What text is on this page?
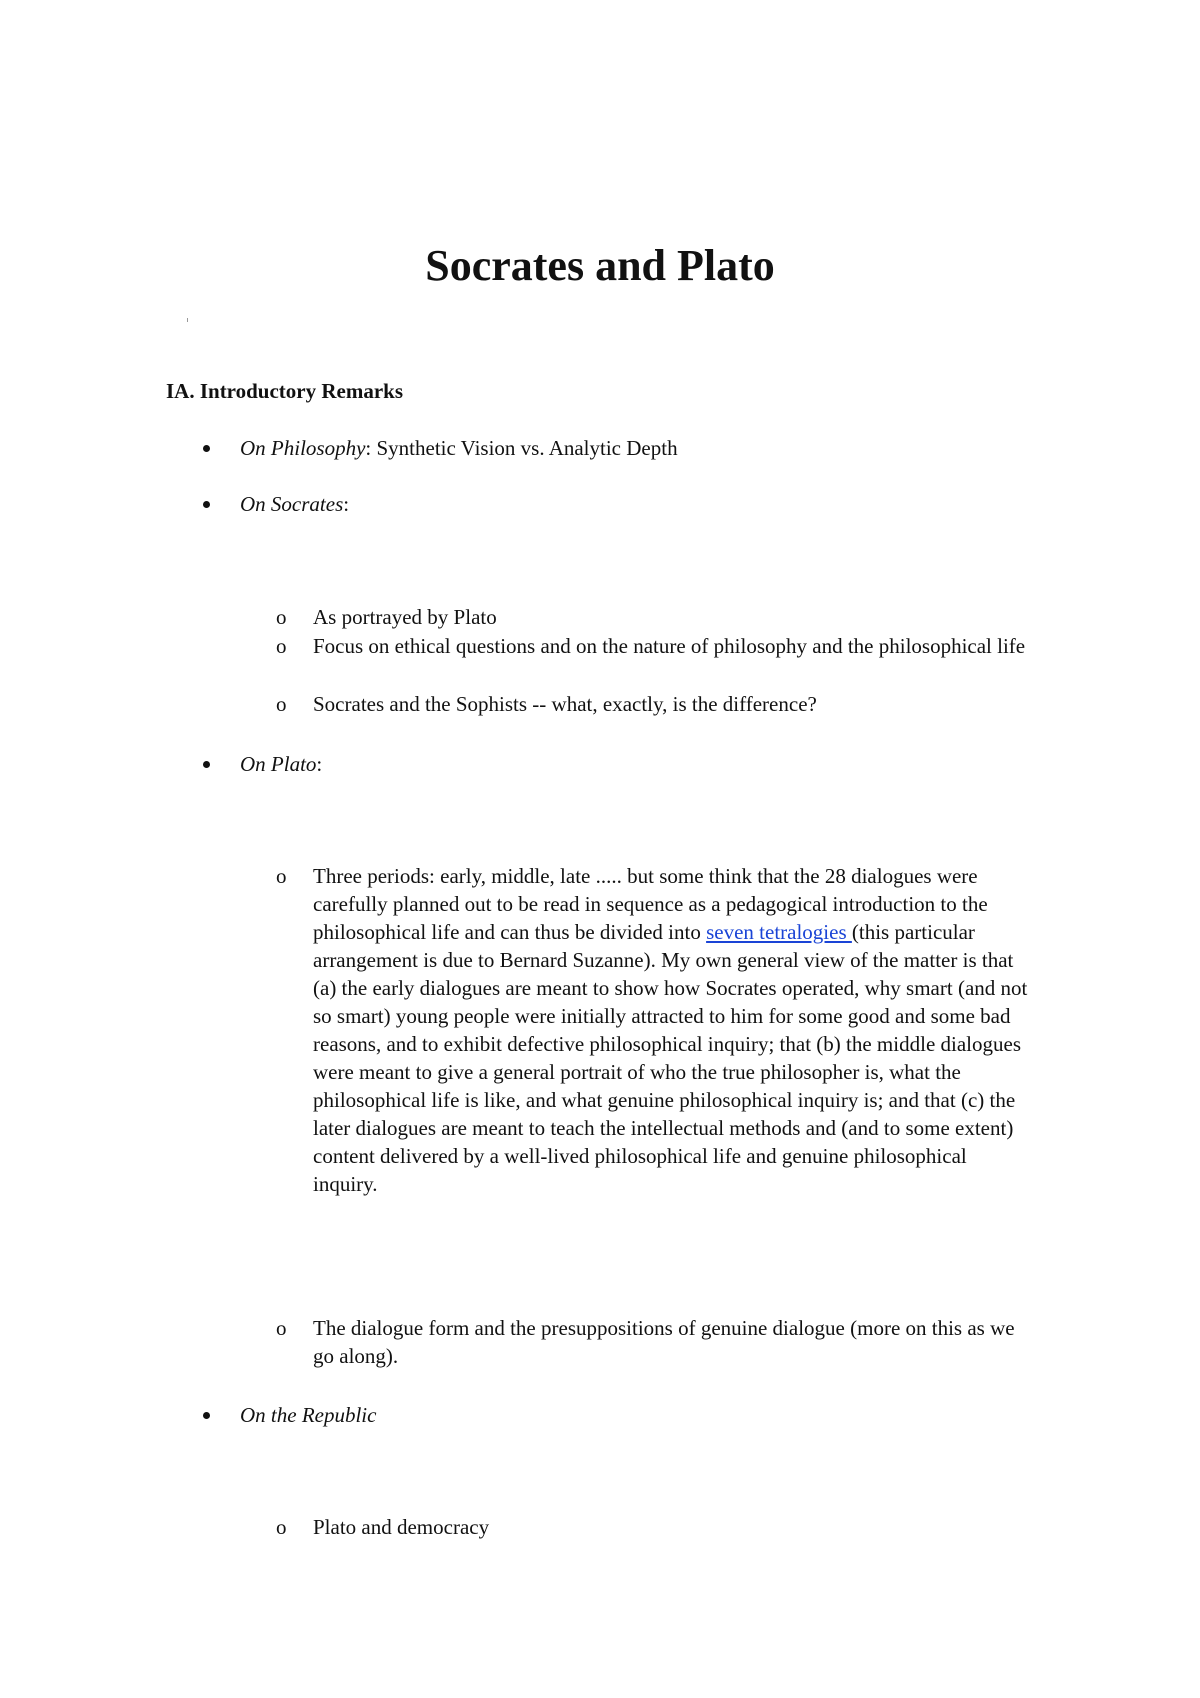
Socrates and Plato
IA. Introductory Remarks
On Philosophy: Synthetic Vision vs. Analytic Depth
On Socrates:
o	As portrayed by Plato
o	Focus on ethical questions and on the nature of philosophy and the philosophical life
o	Socrates and the Sophists -- what, exactly, is the difference?
On Plato:
o	Three periods: early, middle, late ..... but some think that the 28 dialogues were carefully planned out to be read in sequence as a pedagogical introduction to the philosophical life and can thus be divided into seven tetralogies (this particular arrangement is due to Bernard Suzanne). My own general view of the matter is that (a) the early dialogues are meant to show how Socrates operated, why smart (and not so smart) young people were initially attracted to him for some good and some bad reasons, and to exhibit defective philosophical inquiry; that (b) the middle dialogues were meant to give a general portrait of who the true philosopher is, what the philosophical life is like, and what genuine philosophical inquiry is; and that (c) the later dialogues are meant to teach the intellectual methods and (and to some extent) content delivered by a well-lived philosophical life and genuine philosophical inquiry.
o	The dialogue form and the presuppositions of genuine dialogue (more on this as we go along).
On the Republic
o	Plato and democracy
